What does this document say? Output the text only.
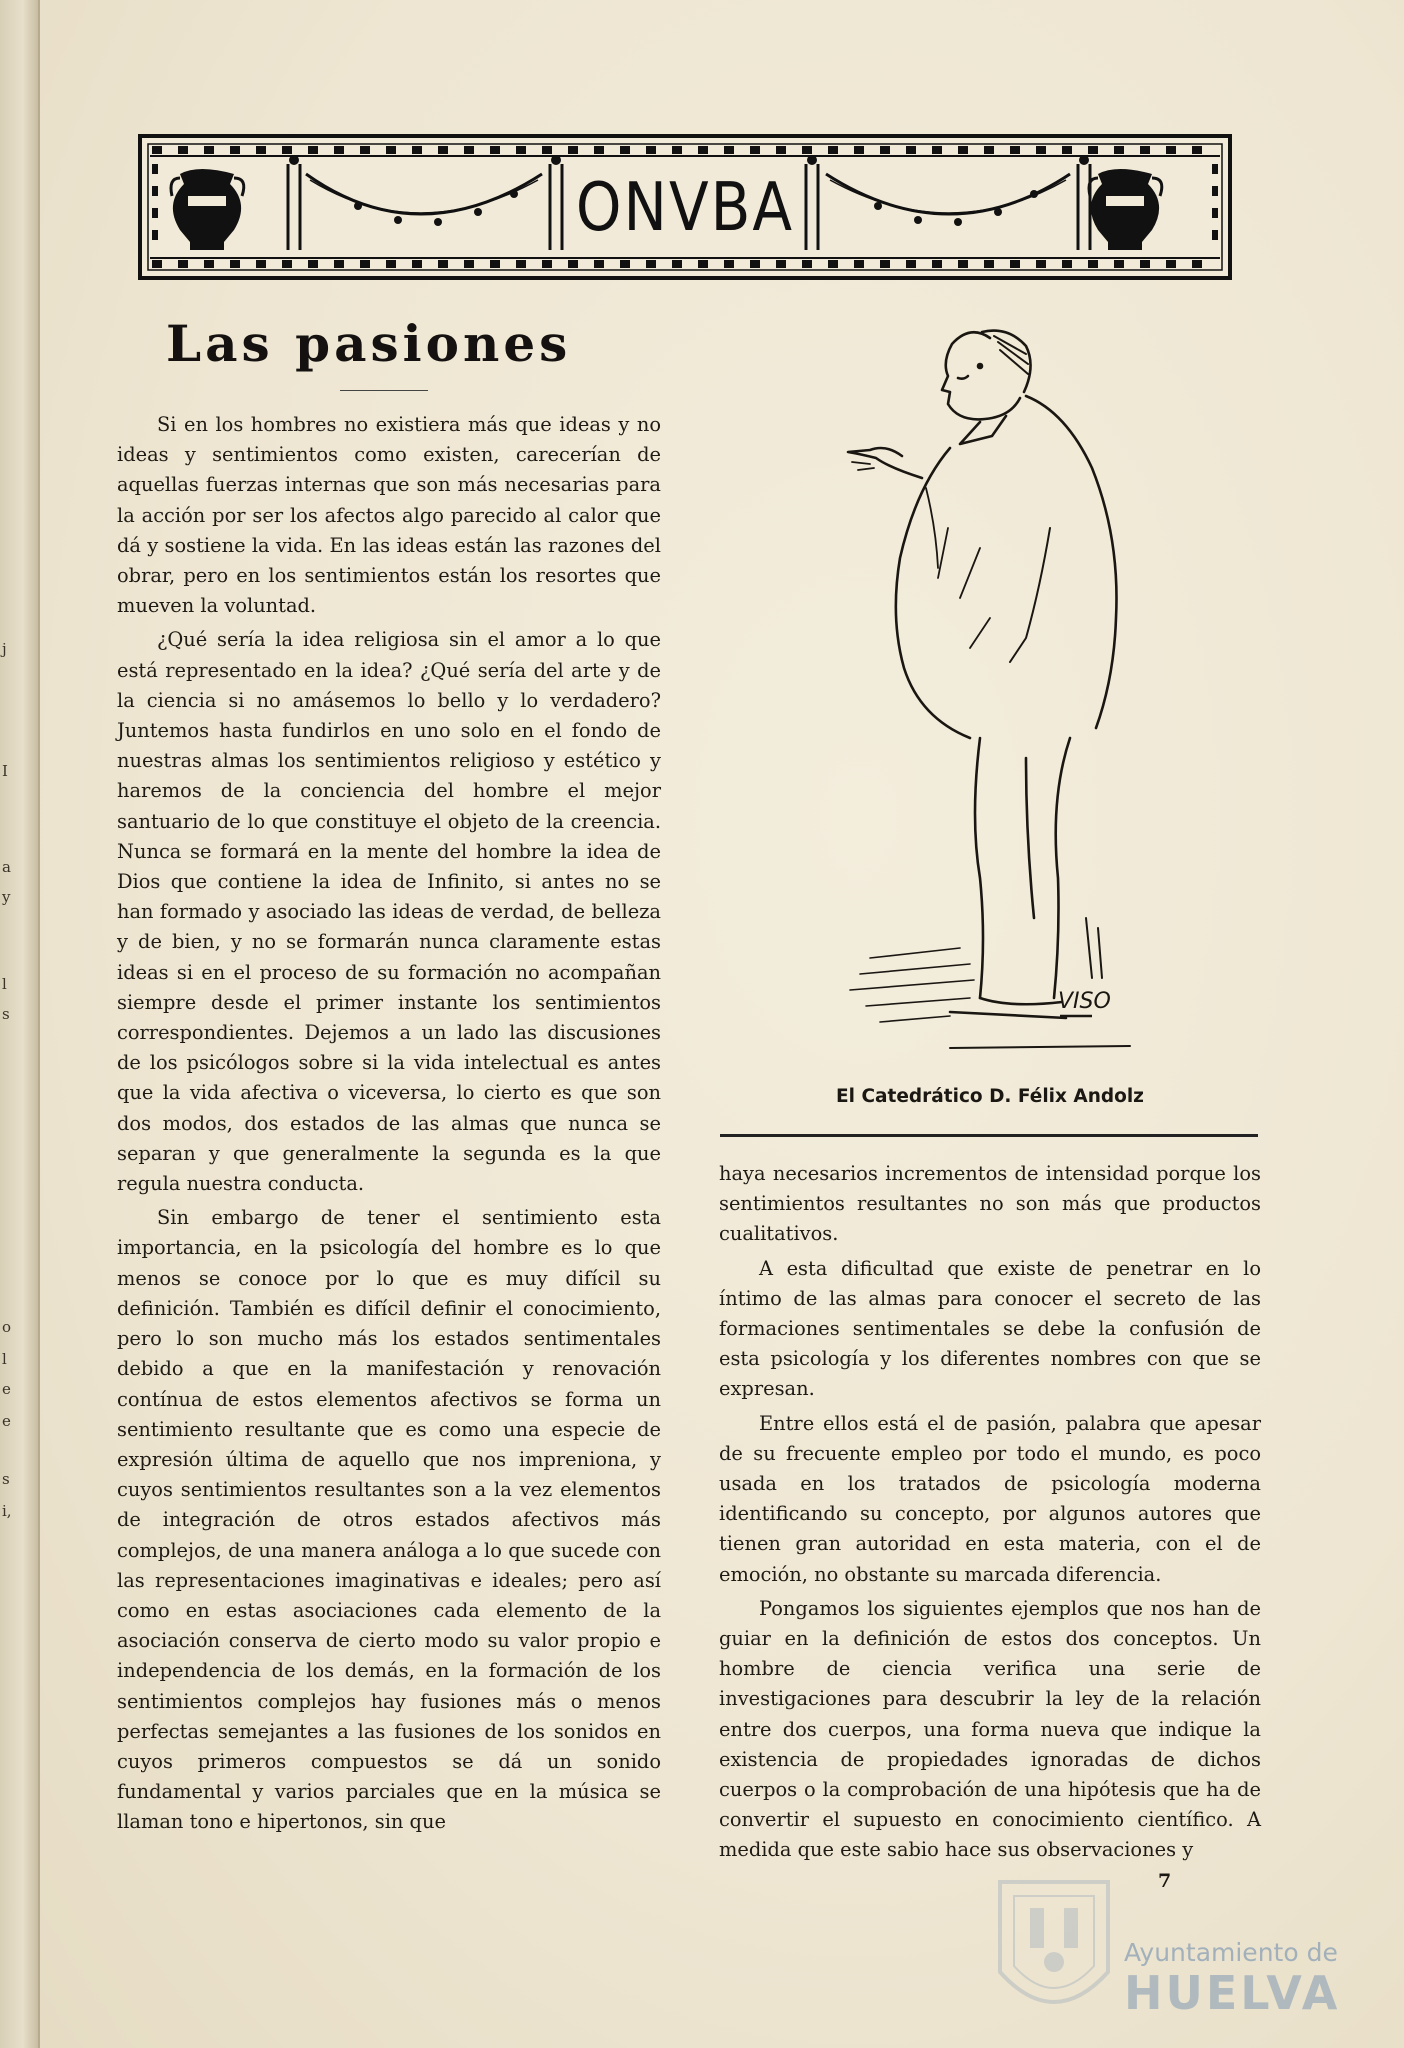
j
I
a
y
l
s
o
l
e
e
s
i,
ONVBA
Las pasiones

Si en los hombres no existiera más que ideas y no ideas y sentimientos como existen, carecerían de aquellas fuerzas internas que son más necesarias para la acción por ser los afectos algo parecido al calor que dá y sostiene la vida. En las ideas están las razones del obrar, pero en los sentimientos están los resortes que mueven la voluntad.

¿Qué sería la idea religiosa sin el amor a lo que está representado en la idea? ¿Qué sería del arte y de la ciencia si no amásemos lo bello y lo verdadero? Juntemos hasta fundirlos en uno solo en el fondo de nuestras almas los sentimientos religioso y estético y haremos de la conciencia del hombre el mejor santuario de lo que constituye el objeto de la creencia. Nunca se formará en la mente del hombre la idea de Dios que contiene la idea de Infinito, si antes no se han formado y asociado las ideas de verdad, de belleza y de bien, y no se formarán nunca claramente estas ideas si en el proceso de su formación no acompañan siempre desde el primer instante los sentimientos correspondientes. Dejemos a un lado las discusiones de los psicólogos sobre si la vida intelectual es antes que la vida afectiva o viceversa, lo cierto es que son dos modos, dos estados de las almas que nunca se separan y que generalmente la segunda es la que regula nuestra conducta.

Sin embargo de tener el sentimiento esta importancia, en la psicología del hombre es lo que menos se conoce por lo que es muy difícil su definición. También es difícil definir el conocimiento, pero lo son mucho más los estados sentimentales debido a que en la manifestación y renovación contínua de estos elementos afectivos se forma un sentimiento resultante que es como una especie de expresión última de aquello que nos impreniona, y cuyos sentimientos resultantes son a la vez elementos de integración de otros estados afectivos más complejos, de una manera análoga a lo que sucede con las representaciones imaginativas e ideales; pero así como en estas asociaciones cada elemento de la asociación conserva de cierto modo su valor propio e independencia de los demás, en la formación de los sentimientos complejos hay fusiones más o menos perfectas semejantes a las fusiones de los sonidos en cuyos primeros compuestos se dá un sonido fundamental y varios parciales que en la música se llaman tono e hipertonos, sin que

VISO

El Catedrático D. Félix Andolz

haya necesarios incrementos de intensidad porque los sentimientos resultantes no son más que productos cualitativos.

A esta dificultad que existe de penetrar en lo íntimo de las almas para conocer el secreto de las formaciones sentimentales se debe la confusión de esta psicología y los diferentes nombres con que se expresan.

Entre ellos está el de pasión, palabra que apesar de su frecuente empleo por todo el mundo, es poco usada en los tratados de psicología moderna identificando su concepto, por algunos autores que tienen gran autoridad en esta materia, con el de emoción, no obstante su marcada diferencia.

Pongamos los siguientes ejemplos que nos han de guiar en la definición de estos dos conceptos. Un hombre de ciencia verifica una serie de investigaciones para descubrir la ley de la relación entre dos cuerpos, una forma nueva que indique la existencia de propiedades ignoradas de dichos cuerpos o la comprobación de una hipótesis que ha de convertir el supuesto en conocimiento científico. A medida que este sabio hace sus observaciones y

7
Ayuntamiento de
HUELVA
